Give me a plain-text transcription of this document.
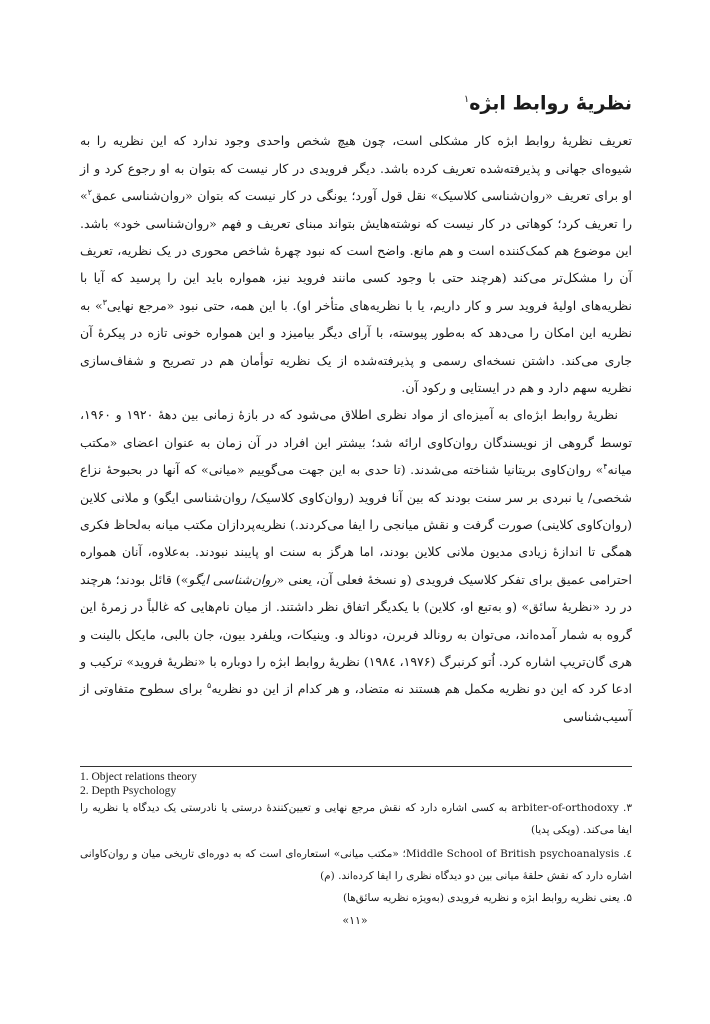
نظریهٔ روابط ابژه$^۱$

تعریف نظریهٔ روابط ابژه کار مشکلی است، چون هیچ شخص واحدی وجود ندارد که این نظریه را به شیوه‌ای جهانی و پذیرفته‌شده تعریف کرده باشد. دیگر فرویدی در کار نیست که بتوان به او رجوع کرد و از او برای تعریف «روان‌شناسی کلاسیک» نقل قول آورد؛ یونگی در کار نیست که بتوان «روان‌شناسی عمق$^۲$» را تعریف کرد؛ کوهاتی در کار نیست که نوشته‌هایش بتواند مبنای تعریف و فهم «روان‌شناسی خود» باشد. این موضوع هم کمک‌کننده است و هم مانع. واضح است که نبود چهرهٔ شاخص محوری در یک نظریه، تعریف آن را مشکل‌تر می‌کند (هرچند حتی با وجود کسی مانند فروید نیز، همواره باید این را پرسید که آیا با نظریه‌های اولیهٔ فروید سر و کار داریم، یا با نظریه‌های متأخر او). با این همه، حتی نبود «مرجع نهایی$^۳$» به نظریه این امکان را می‌دهد که به‌طور پیوسته، با آرای دیگر بیامیزد و این همواره خونی تازه در پیکرهٔ آن جاری می‌کند. داشتن نسخه‌ای رسمی و پذیرفته‌شده از یک نظریه توأمان هم در تصریح و شفاف‌سازی نظریه سهم دارد و هم در ایستایی و رکود آن.

نظریهٔ روابط ابژه‌ای به آمیزه‌ای از مواد نظری اطلاق می‌شود که در بازهٔ زمانی بین دههٔ ۱۹۲۰ و ۱۹۶۰، توسط گروهی از نویسندگان روان‌کاوی ارائه شد؛ بیشتر این افراد در آن زمان به عنوان اعضای «مکتب میانه$^۴$» روان‌کاوی بریتانیا شناخته می‌شدند. (تا حدی به این جهت می‌گوییم «میانی» که آنها در بحبوحهٔ نزاع شخصی/ یا نبردی بر سر سنت بودند که بین آنا فروید (روان‌کاوی کلاسیک/ روان‌شناسی ایگو) و ملانی کلاین (روان‌کاوی کلاینی) صورت گرفت و نقش میانجی را ایفا می‌کردند.) نظریه‌پردازان مکتب میانه به‌لحاظ فکری همگی تا اندازهٔ زیادی مدیون ملانی کلاین بودند، اما هرگز به سنت او پایبند نبودند. به‌علاوه، آنان همواره احترامی عمیق برای تفکر کلاسیک فرویدی (و نسخهٔ فعلی آن، یعنی «روان‌شناسی ایگو») قائل بودند؛ هرچند در رد «نظریهٔ سائق» (و به‌تبع او، کلاین) با یکدیگر اتفاق نظر داشتند. از میان نام‌هایی که غالباً در زمرهٔ این گروه به شمار آمده‌اند، می‌توان به رونالد فربرن، دونالد و. وینیکات، ویلفرد بیون، جان بالبی، مایکل بالینت و هری گان‌تریپ اشاره کرد. اُتو کرنبرگ (۱۹۷۶، ۱۹۸٤) نظریهٔ روابط ابژه را دوباره با «نظریهٔ فروید» ترکیب و ادعا کرد که این دو نظریه مکمل هم هستند نه متضاد، و هر کدام از این دو نظریه$^۵$ برای سطوح متفاوتی از آسیب‌شناسی

1. Object relations theory
2. Depth Psychology
۳. arbiter-of-orthodoxy به کسی اشاره دارد که نقش مرجع نهایی و تعیین‌کنندهٔ درستی یا نادرستی یک دیدگاه یا نظریه را ایفا می‌کند. (ویکی پدیا)
٤. Middle School of British psychoanalysis؛ «مکتب میانی» استعاره‌ای است که به دوره‌ای تاریخی میان و روان‌کاوانی اشاره دارد که نقش حلقهٔ میانی بین دو دیدگاه نظری را ایفا کرده‌اند. (م)
۵. یعنی نظریه روابط ابژه و نظریه فرویدی (به‌ویژه نظریه سائق‌ها)
«۱۱»
